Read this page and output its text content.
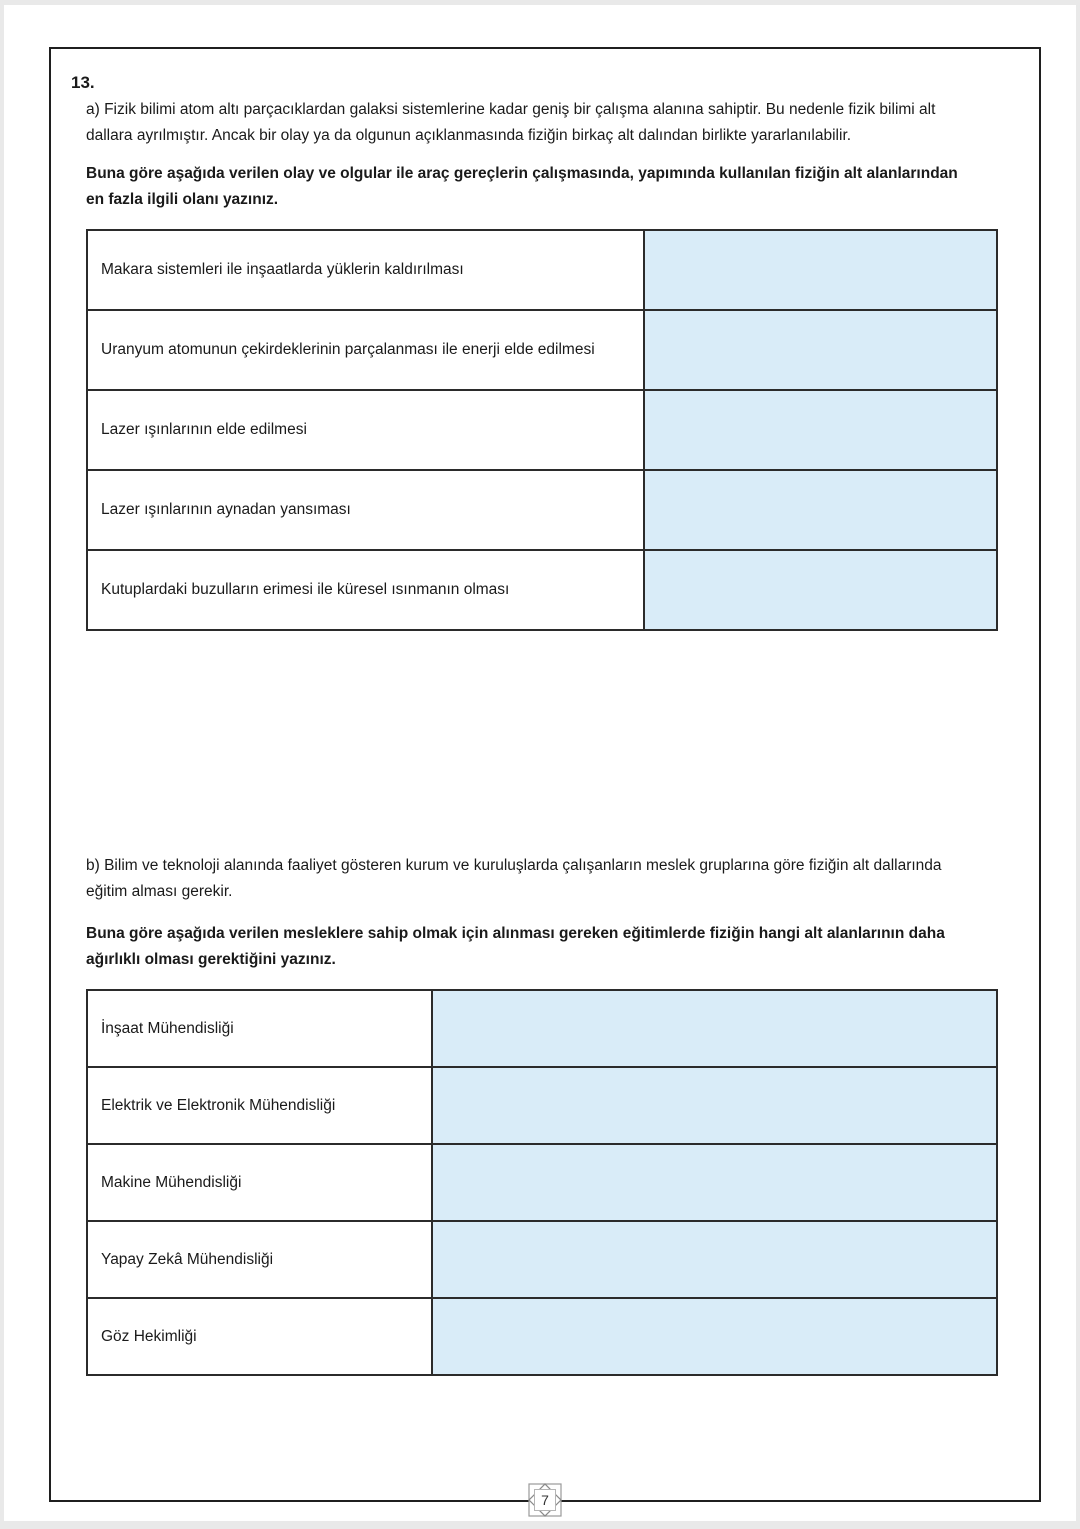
13.

a) Fizik bilimi atom altı parçacıklardan galaksi sistemlerine kadar geniş bir çalışma alanına sahiptir. Bu nedenle fizik bilimi alt dallara ayrılmıştır. Ancak bir olay ya da olgunun açıklanmasında fiziğin birkaç alt dalından birlikte yararlanılabilir.

Buna göre aşağıda verilen olay ve olgular ile araç gereçlerin çalışmasında, yapımında kullanılan fiziğin alt alanlarından en fazla ilgili olanı yazınız.

Makara sistemleri ile inşaatlarda yüklerin kaldırılması	
Uranyum atomunun çekirdeklerinin parçalanması ile enerji elde edilmesi	
Lazer ışınlarının elde edilmesi	
Lazer ışınlarının aynadan yansıması	
Kutuplardaki buzulların erimesi ile küresel ısınmanın olması	

b) Bilim ve teknoloji alanında faaliyet gösteren kurum ve kuruluşlarda çalışanların meslek gruplarına göre fiziğin alt dallarında eğitim alması gerekir.

Buna göre aşağıda verilen mesleklere sahip olmak için alınması gereken eğitimlerde fiziğin hangi alt alanlarının daha ağırlıklı olması gerektiğini yazınız.

İnşaat Mühendisliği	
Elektrik ve Elektronik Mühendisliği	
Makine Mühendisliği	
Yapay Zekâ Mühendisliği	
Göz Hekimliği	
7
